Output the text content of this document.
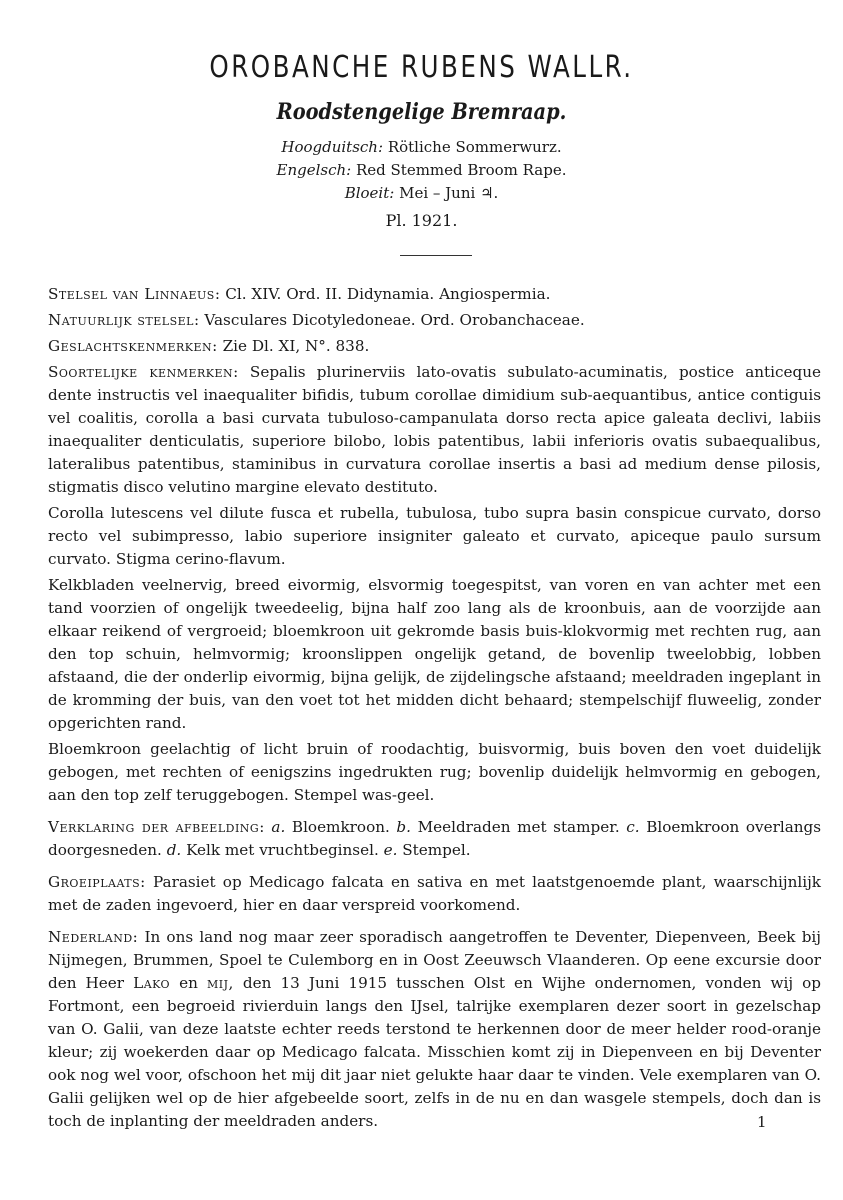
OROBANCHE RUBENS WALLR.
Roodstengelige Bremraap.
Hoogduitsch: Rötliche Sommerwurz.
Engelsch: Red Stemmed Broom Rape.
Bloeit: Mei – Juni ♃.
Pl. 1921.

Stelsel van Linnaeus: Cl. XIV. Ord. II. Didynamia. Angiospermia.

Natuurlijk stelsel: Vasculares Dicotyledoneae. Ord. Orobanchaceae.

Geslachtskenmerken: Zie Dl. XI, N°. 838.

Soortelijke kenmerken: Sepalis plurinerviis lato-ovatis subulato-acuminatis, postice anticeque dente instructis vel inaequaliter bifidis, tubum corollae dimidium sub-aequantibus, antice contiguis vel coalitis, corolla a basi curvata tubuloso-campanulata dorso recta apice galeata declivi, labiis inaequaliter denticulatis, superiore bilobo, lobis patentibus, labii inferioris ovatis subaequalibus, lateralibus patentibus, staminibus in curvatura corollae insertis a basi ad medium dense pilosis, stigmatis disco velutino margine elevato destituto.

Corolla lutescens vel dilute fusca et rubella, tubulosa, tubo supra basin conspicue curvato, dorso recto vel subimpresso, labio superiore insigniter galeato et curvato, apiceque paulo sursum curvato. Stigma cerino-flavum.

Kelkbladen veelnervig, breed eivormig, elsvormig toegespitst, van voren en van achter met een tand voorzien of ongelijk tweedeelig, bijna half zoo lang als de kroonbuis, aan de voorzijde aan elkaar reikend of vergroeid; bloemkroon uit gekromde basis buis-klokvormig met rechten rug, aan den top schuin, helmvormig; kroonslippen ongelijk getand, de bovenlip tweelobbig, lobben afstaand, die der onderlip eivormig, bijna gelijk, de zijdelingsche afstaand; meeldraden ingeplant in de kromming der buis, van den voet tot het midden dicht behaard; stempelschijf fluweelig, zonder opgerichten rand.

Bloemkroon geelachtig of licht bruin of roodachtig, buisvormig, buis boven den voet duidelijk gebogen, met rechten of eenigszins ingedrukten rug; bovenlip duidelijk helmvormig en gebogen, aan den top zelf teruggebogen. Stempel was-geel.

Verklaring der afbeelding: a. Bloemkroon. b. Meeldraden met stamper. c. Bloemkroon overlangs doorgesneden. d. Kelk met vruchtbeginsel. e. Stempel.

Groeiplaats: Parasiet op Medicago falcata en sativa en met laatstgenoemde plant, waarschijnlijk met de zaden ingevoerd, hier en daar verspreid voorkomend.

Nederland: In ons land nog maar zeer sporadisch aangetroffen te Deventer, Diepenveen, Beek bij Nijmegen, Brummen, Spoel te Culemborg en in Oost Zeeuwsch Vlaanderen. Op eene excursie door den Heer Lako en mij, den 13 Juni 1915 tusschen Olst en Wijhe ondernomen, vonden wij op Fortmont, een begroeid rivierduin langs den IJsel, talrijke exemplaren dezer soort in gezelschap van O. Galii, van deze laatste echter reeds terstond te herkennen door de meer helder rood-oranje kleur; zij woekerden daar op Medicago falcata. Misschien komt zij in Diepenveen en bij Deventer ook nog wel voor, ofschoon het mij dit jaar niet gelukte haar daar te vinden. Vele exemplaren van O. Galii gelijken wel op de hier afgebeelde soort, zelfs in de nu en dan wasgele stempels, doch dan is toch de inplanting der meeldraden anders.	1
